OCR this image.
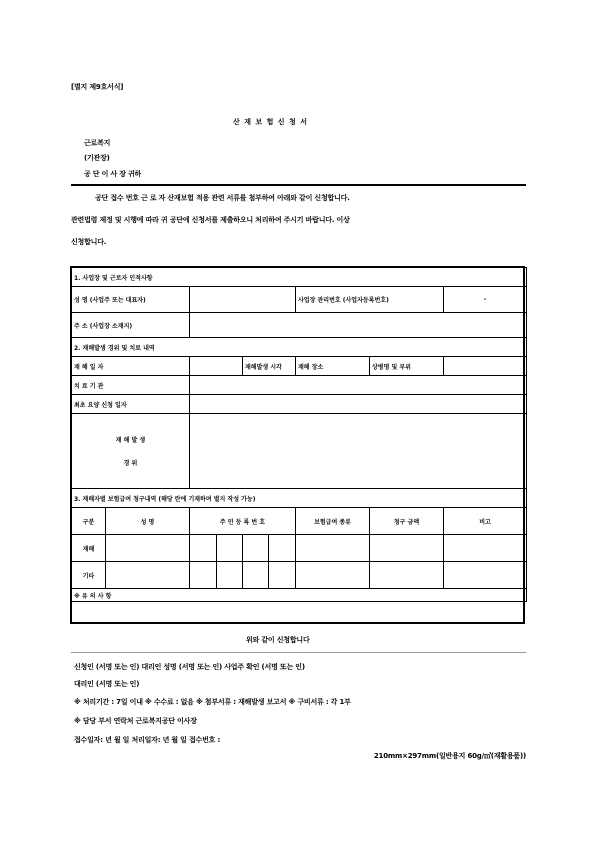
[별지 제9호서식]
산 재 보 험 신 청 서
근로복지
(기관장)
공 단 이 사 장 귀하
공단 접수 번호 근 로 자 산재보험 적용 관련 서류를 첨부하여 아래와 같이 신청합니다.
관련법령 제정 및 시행에 따라 귀 공단에 신청서를 제출하오니 처리하여 주시기 바랍니다. 이상
신청합니다.
1. 사업장 및 근로자 인적사항								
성 명 (사업주 또는 대표자)						사업장 관리번호 (사업자등록번호)		-
주 소 (사업장 소재지)								
2. 재해발생 경위 및 치료 내역								
재 해 일 자				재해발생 시각		재해 장소	상병명 및 부위	
치 료 기 관								
최초 요양 신청 일자								

재 해 발 생
경 위								

3. 재해자별 보험급여 청구내역 (해당 란에 기재하며 별지 작성 가능)								
구분	성 명	주 민 등 록 번 호				보험급여 종류	청구 금액	비고
재해								
기타								
※ 유 의 사 항								
위와 같이 신청합니다
신청인 (서명 또는 인) 대리인 성명 (서명 또는 인) 사업주 확인 (서명 또는 인)
대리인 (서명 또는 인)
※ 처리기간 : 7일 이내 ※ 수수료 : 없음 ※ 첨부서류 : 재해발생 보고서 ※ 구비서류 : 각 1부
※ 담당 부서 연락처 근로복지공단 이사장
접수일자: 년 월 일 처리일자: 년 월 일 접수번호 :
210mm×297mm(일반용지 60g/㎡(재활용품))
